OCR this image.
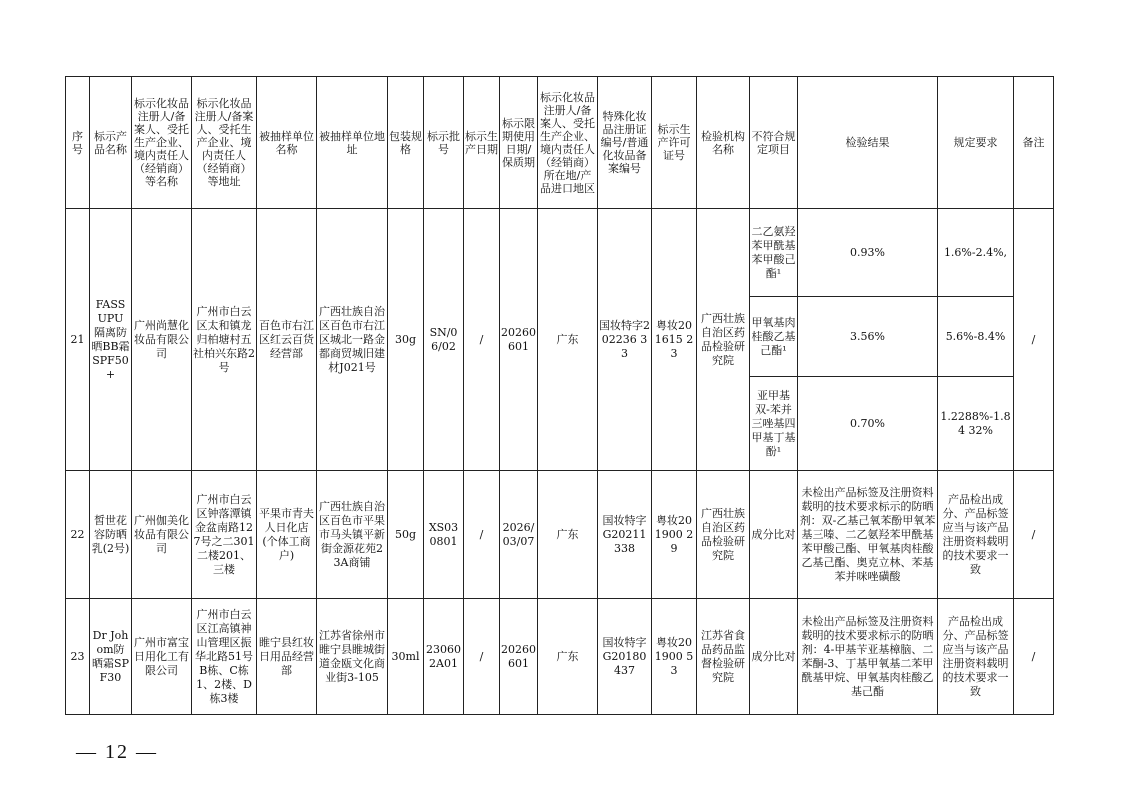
序号	标示产品名称	标示化妆品注册人/备案人、受托生产企业、境内责任人（经销商）等名称	标示化妆品注册人/备案人、受托生产企业、境内责任人（经销商）等地址	被抽样单位名称	被抽样单位地址	包装规格	标示批号	标示生产日期	标示限期使用日期/保质期	标示化妆品注册人/备案人、受托生产企业、境内责任人（经销商）所在地/产品进口地区	特殊化妆品注册证编号/普通化妆品备案编号	标示生产许可证号	检验机构名称	不符合规定项目	检验结果	规定要求	备注
21	FASS UPU 隔离防晒BB霜SPF50+	广州尚慧化妆品有限公司	广州市白云区太和镇龙归柏塘村五社柏兴东路2号	百色市右江区红云百货经营部	广西壮族自治区百色市右江区城北一路金都商贸城旧建材J021号	30g	SN/06/02	/	20260601	广东	国妆特字202236 33	粤妆201615 23	广西壮族自治区药品检验研究院	二乙氨羟苯甲酰基苯甲酸己酯¹	0.93%	1.6%-2.4%,	/
														甲氧基肉桂酸乙基己酯¹	3.56%	5.6%-8.4%	
														亚甲基双-苯并三唑基四甲基丁基酚¹	0.70%	1.2288%-1.84 32%	
22	皙世花容防晒乳(2号)	广州伽美化妆品有限公司	广州市白云区钟落潭镇金盆南路127号之二301二楼201、三楼	平果市青夫人日化店(个体工商户)	广西壮族自治区百色市平果市马头镇平新街金源花苑23A商铺	50g	XS03 0801	/	2026/ 03/07	广东	国妆特字G20211 338	粤妆201900 29	广西壮族自治区药品检验研究院	成分比对	未检出产品标签及注册资料载明的技术要求标示的防晒剂：双-乙基己氧苯酚甲氧苯基三嗪、二乙氨羟苯甲酰基苯甲酸己酯、甲氧基肉桂酸乙基己酯、奥克立林、苯基苯并咪唑磺酸	产品检出成分、产品标签应当与该产品注册资料载明的技术要求一致	/
23	Dr Johom防晒霜SPF30	广州市富宝日用化工有限公司	广州市白云区江高镇神山管理区振华北路51号B栋、C栋1、2楼、D栋3楼	睢宁县红妆日用品经营部	江苏省徐州市睢宁县睢城街道金瓯文化商业街3-105	30ml	23060 2A01	/	20260601	广东	国妆特字G20180 437	粤妆201900 53	江苏省食品药品监督检验研究院	成分比对	未检出产品标签及注册资料载明的技术要求标示的防晒剂：4-甲基苄亚基樟脑、二苯酮-3、丁基甲氧基二苯甲酰基甲烷、甲氧基肉桂酸乙基己酯	产品检出成分、产品标签应当与该产品注册资料载明的技术要求一致	/
— 12 —
